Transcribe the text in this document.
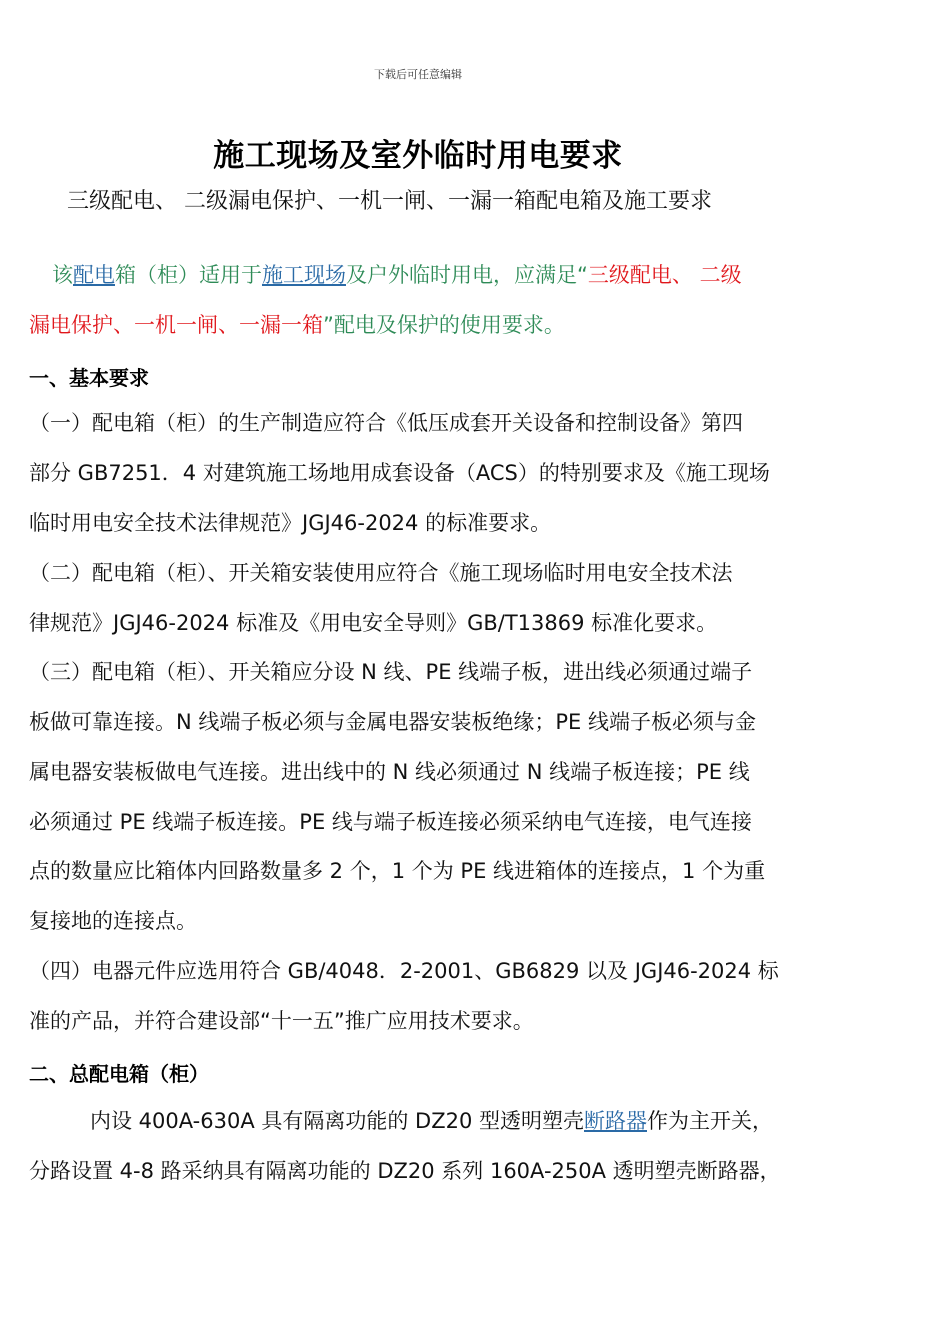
下载后可任意编辑
施工现场及室外临时用电要求
三级配电、 二级漏电保护、一机一闸、一漏一箱配电箱及施工要求
该配电箱（柜）适用于施工现场及户外临时用电，应满足“三级配电、 二级
漏电保护、一机一闸、一漏一箱”配电及保护的使用要求。
一、基本要求
（一）配电箱（柜）的生产制造应符合《低压成套开关设备和控制设备》第四
部分 GB7251．4 对建筑施工场地用成套设备（ACS）的特别要求及《施工现场
临时用电安全技术法律规范》JGJ46-2024 的标准要求。
（二）配电箱（柜）、开关箱安装使用应符合《施工现场临时用电安全技术法
律规范》JGJ46-2024 标准及《用电安全导则》GB/T13869 标准化要求。
（三）配电箱（柜）、开关箱应分设 N 线、PE 线端子板，进出线必须通过端子
板做可靠连接。N 线端子板必须与金属电器安装板绝缘；PE 线端子板必须与金
属电器安装板做电气连接。进出线中的 N 线必须通过 N 线端子板连接；PE 线
必须通过 PE 线端子板连接。PE 线与端子板连接必须采纳电气连接，电气连接
点的数量应比箱体内回路数量多 2 个，1 个为 PE 线进箱体的连接点，1 个为重
复接地的连接点。
（四）电器元件应选用符合 GB/4048．2-2001、GB6829 以及 JGJ46-2024 标
准的产品，并符合建设部“十一五”推广应用技术要求。
二、总配电箱（柜）
内设 400A-630A 具有隔离功能的 DZ20 型透明塑壳断路器作为主开关，
分路设置 4-8 路采纳具有隔离功能的 DZ20 系列 160A-250A 透明塑壳断路器，
